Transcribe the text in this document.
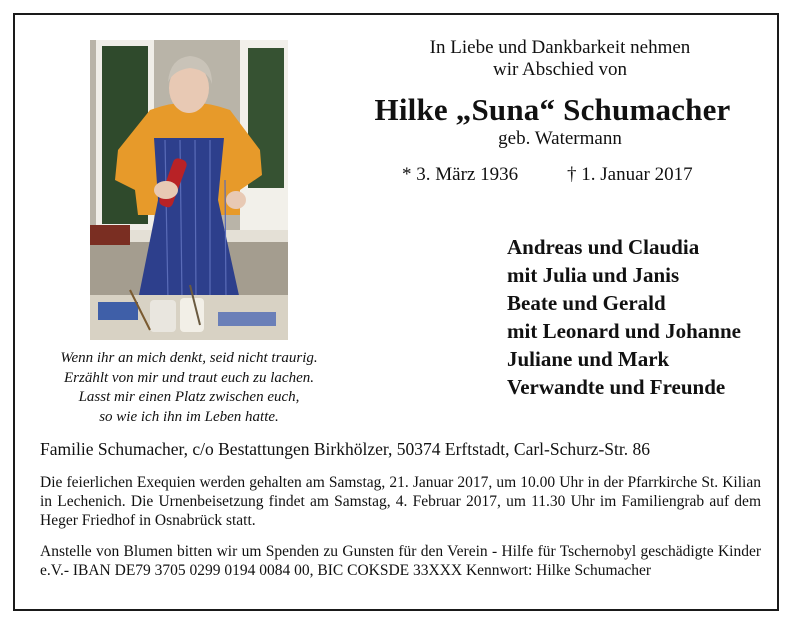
In Liebe und Dankbarkeit nehmen
wir Abschied von
Hilke „Suna“ Schumacher
geb. Watermann
* 3. März 1936	† 1. Januar 2017
Andreas und Claudia
mit Julia und Janis
Beate und Gerald
mit Leonard und Johanne
Juliane und Mark
Verwandte und Freunde
Wenn ihr an mich denkt, seid nicht traurig.
Erzählt von mir und traut euch zu lachen.
Lasst mir einen Platz zwischen euch,
so wie ich ihn im Leben hatte.
Familie Schumacher, c/o Bestattungen Birkhölzer, 50374 Erftstadt, Carl-Schurz-Str. 86
Die feierlichen Exequien werden gehalten am Samstag, 21. Januar 2017, um 10.00 Uhr in der Pfarrkirche St. Kilian in Lechenich. Die Urnenbeisetzung findet am Samstag, 4. Februar 2017, um 11.30 Uhr im Familiengrab auf dem Heger Friedhof in Osnabrück statt.
Anstelle von Blumen bitten wir um Spenden zu Gunsten für den Verein - Hilfe für Tschernobyl geschädigte Kinder e.V.- IBAN DE79 3705 0299 0194 0084 00, BIC COKSDE 33XXX Kennwort: Hilke Schumacher
